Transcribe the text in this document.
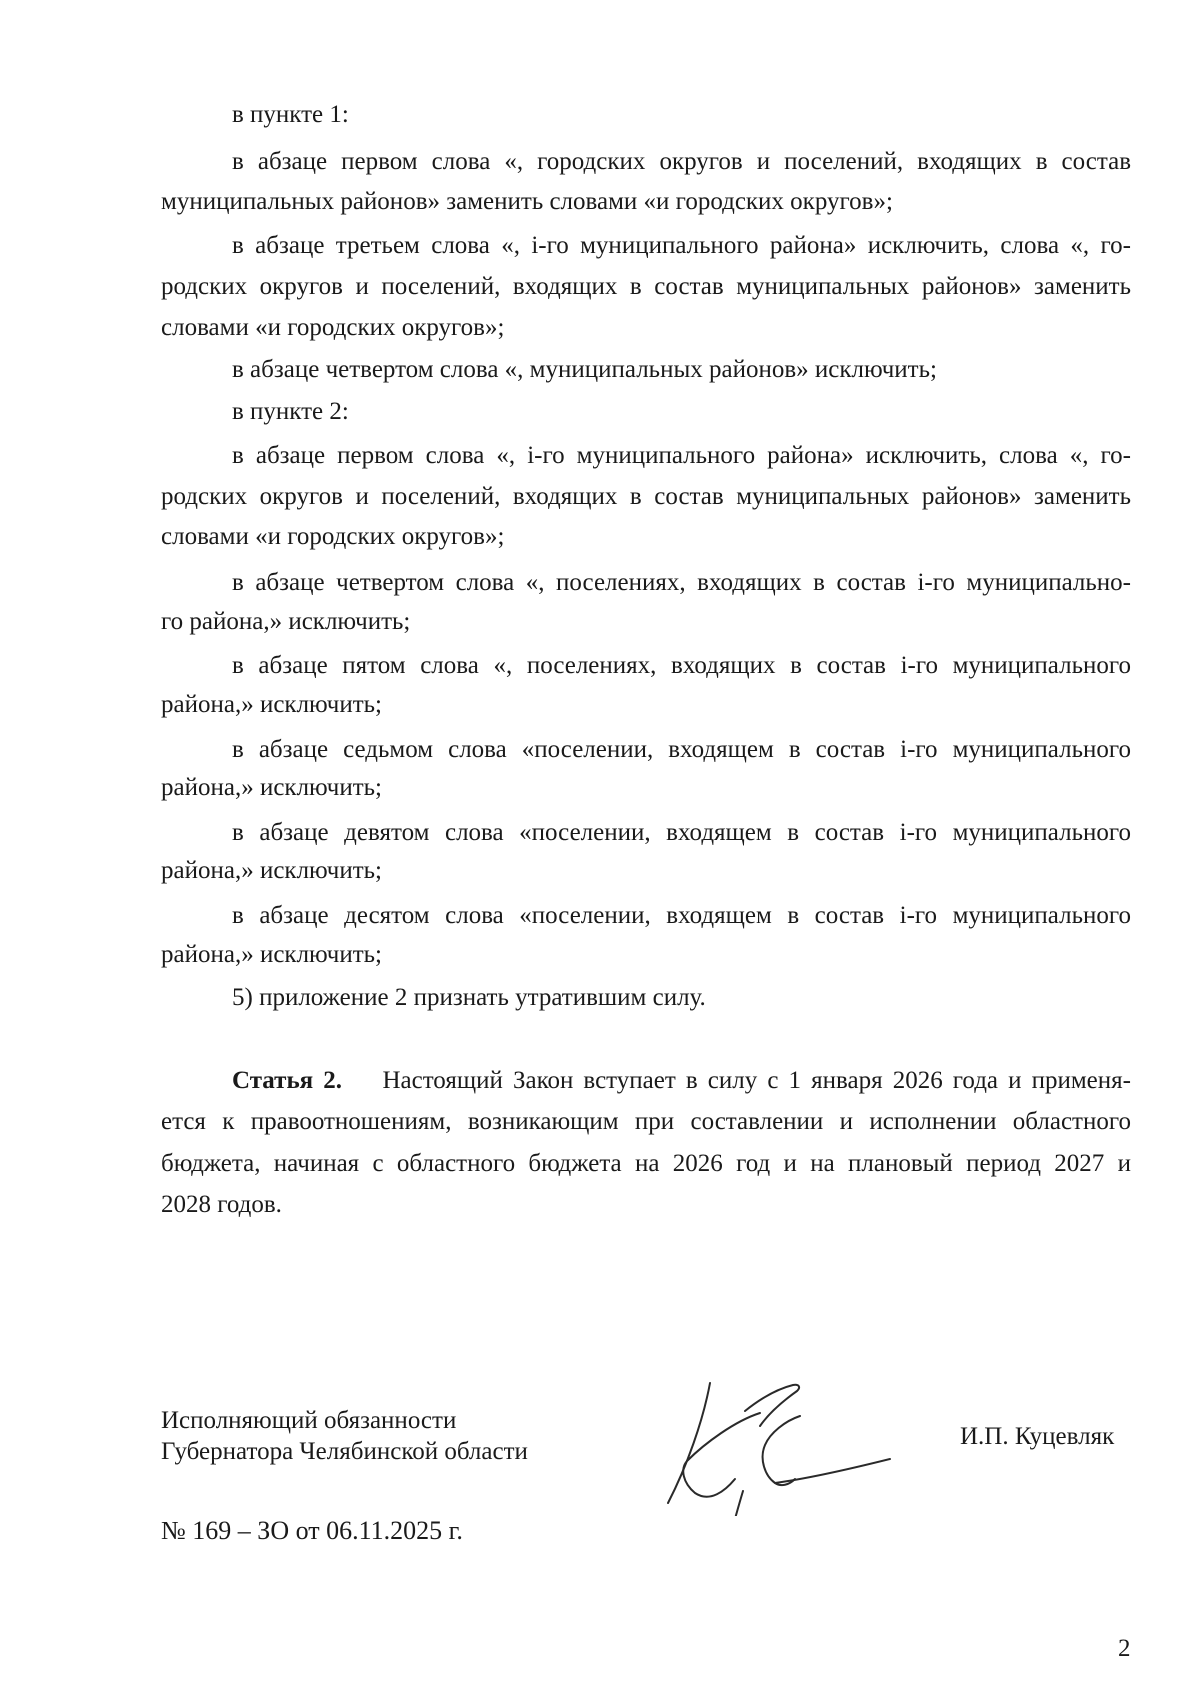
в пункте 1:
в абзаце первом слова «, городских округов и поселений, входящих в состав
муниципальных районов» заменить словами «и городских округов»;
в абзаце третьем слова «, i-го муниципального района» исключить, слова «, го-
родских округов и поселений, входящих в состав муниципальных районов» заменить
словами «и городских округов»;
в абзаце четвертом слова «, муниципальных районов» исключить;
в пункте 2:
в абзаце первом слова «, i-го муниципального района» исключить, слова «, го-
родских округов и поселений, входящих в состав муниципальных районов» заменить
словами «и городских округов»;
в абзаце четвертом слова «, поселениях, входящих в состав i-го муниципально-
го района,» исключить;
в абзаце пятом слова «, поселениях, входящих в состав i-го муниципального
района,» исключить;
в абзаце седьмом слова «поселении, входящем в состав i-го муниципального
района,» исключить;
в абзаце девятом слова «поселении, входящем в состав i-го муниципального
района,» исключить;
в абзаце десятом слова «поселении, входящем в состав i-го муниципального
района,» исключить;
5) приложение 2 признать утратившим силу.
Статья 2. Настоящий Закон вступает в силу с 1 января 2026 года и применя-
ется к правоотношениям, возникающим при составлении и исполнении областного
бюджета, начиная с областного бюджета на 2026 год и на плановый период 2027 и
2028 годов.
Исполняющий обязанности
Губернатора Челябинской области
И.П. Куцевляк
№ 169 – ЗО от 06.11.2025 г.
2
